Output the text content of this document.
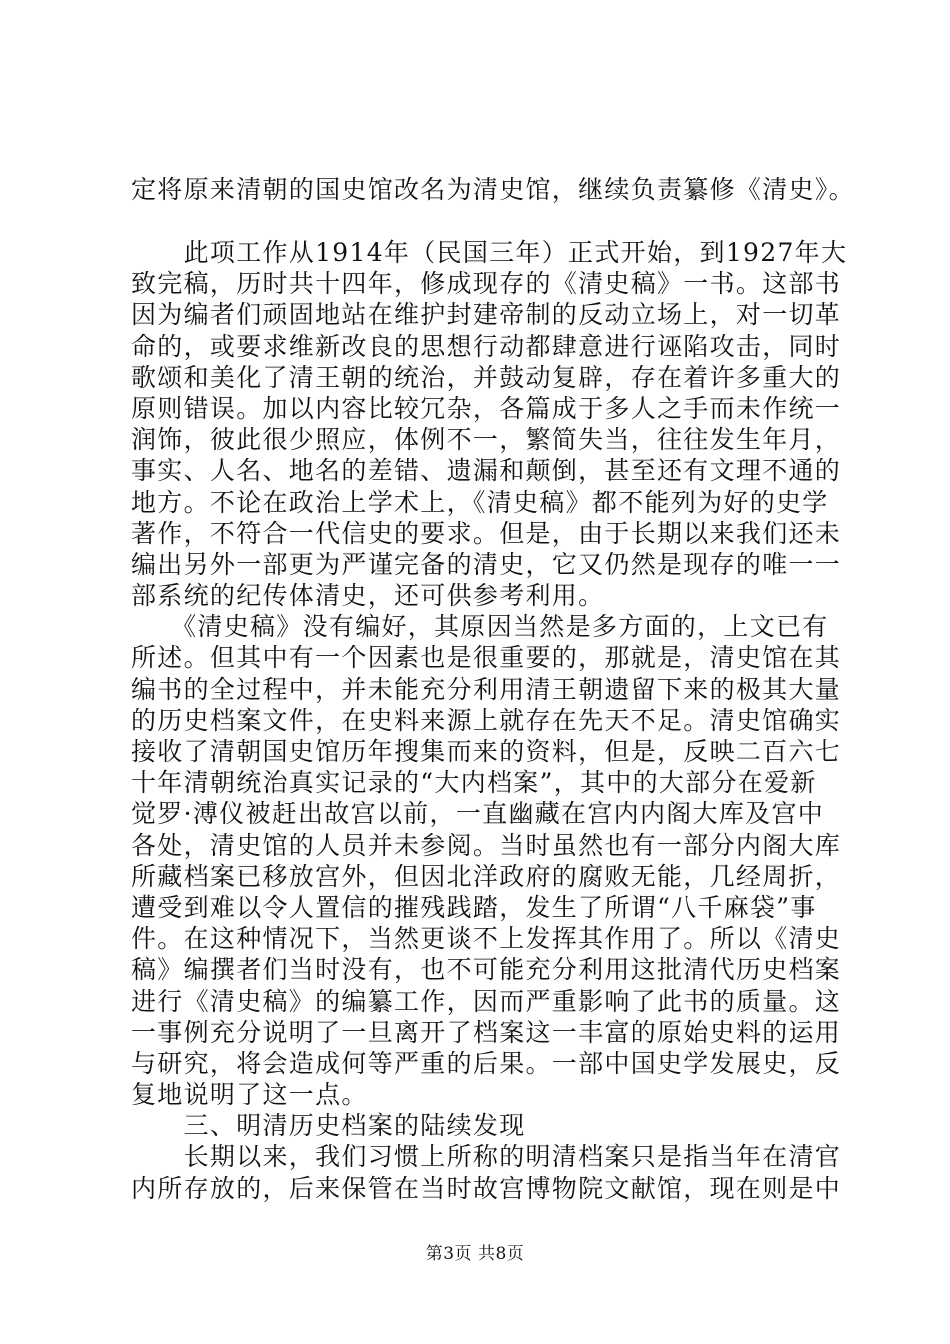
定将原来清朝的国史馆改名为清史馆，继续负责纂修《清史》。
　　此项工作从1914年（民国三年）正式开始，到1927年大
致完稿，历时共十四年，修成现存的《清史稿》一书。这部书
因为编者们顽固地站在维护封建帝制的反动立场上，对一切革
命的，或要求维新改良的思想行动都肆意进行诬陷攻击，同时
歌颂和美化了清王朝的统治，并鼓动复辟，存在着许多重大的
原则错误。加以内容比较冗杂，各篇成于多人之手而未作统一
润饰，彼此很少照应，体例不一，繁简失当，往往发生年月，
事实、人名、地名的差错、遗漏和颠倒，甚至还有文理不通的
地方。不论在政治上学术上，《清史稿》都不能列为好的史学
著作，不符合一代信史的要求。但是，由于长期以来我们还未
编出另外一部更为严谨完备的清史，它又仍然是现存的唯一一
部系统的纪传体清史，还可供参考利用。
　　《清史稿》没有编好，其原因当然是多方面的，上文已有
所述。但其中有一个因素也是很重要的，那就是，清史馆在其
编书的全过程中，并未能充分利用清王朝遗留下来的极其大量
的历史档案文件，在史料来源上就存在先天不足。清史馆确实
接收了清朝国史馆历年搜集而来的资料，但是，反映二百六七
十年清朝统治真实记录的“大内档案”，其中的大部分在爱新
觉罗·溥仪被赶出故宫以前，一直幽藏在宫内内阁大库及宫中
各处，清史馆的人员并未参阅。当时虽然也有一部分内阁大库
所藏档案已移放宫外，但因北洋政府的腐败无能，几经周折，
遭受到难以令人置信的摧残践踏，发生了所谓“八千麻袋”事
件。在这种情况下，当然更谈不上发挥其作用了。所以《清史
稿》编撰者们当时没有，也不可能充分利用这批清代历史档案
进行《清史稿》的编纂工作，因而严重影响了此书的质量。这
一事例充分说明了一旦离开了档案这一丰富的原始史料的运用
与研究，将会造成何等严重的后果。一部中国史学发展史，反
复地说明了这一点。
　　三、明清历史档案的陆续发现
　　长期以来，我们习惯上所称的明清档案只是指当年在清官
内所存放的，后来保管在当时故宫博物院文献馆，现在则是中
第3页 共8页
